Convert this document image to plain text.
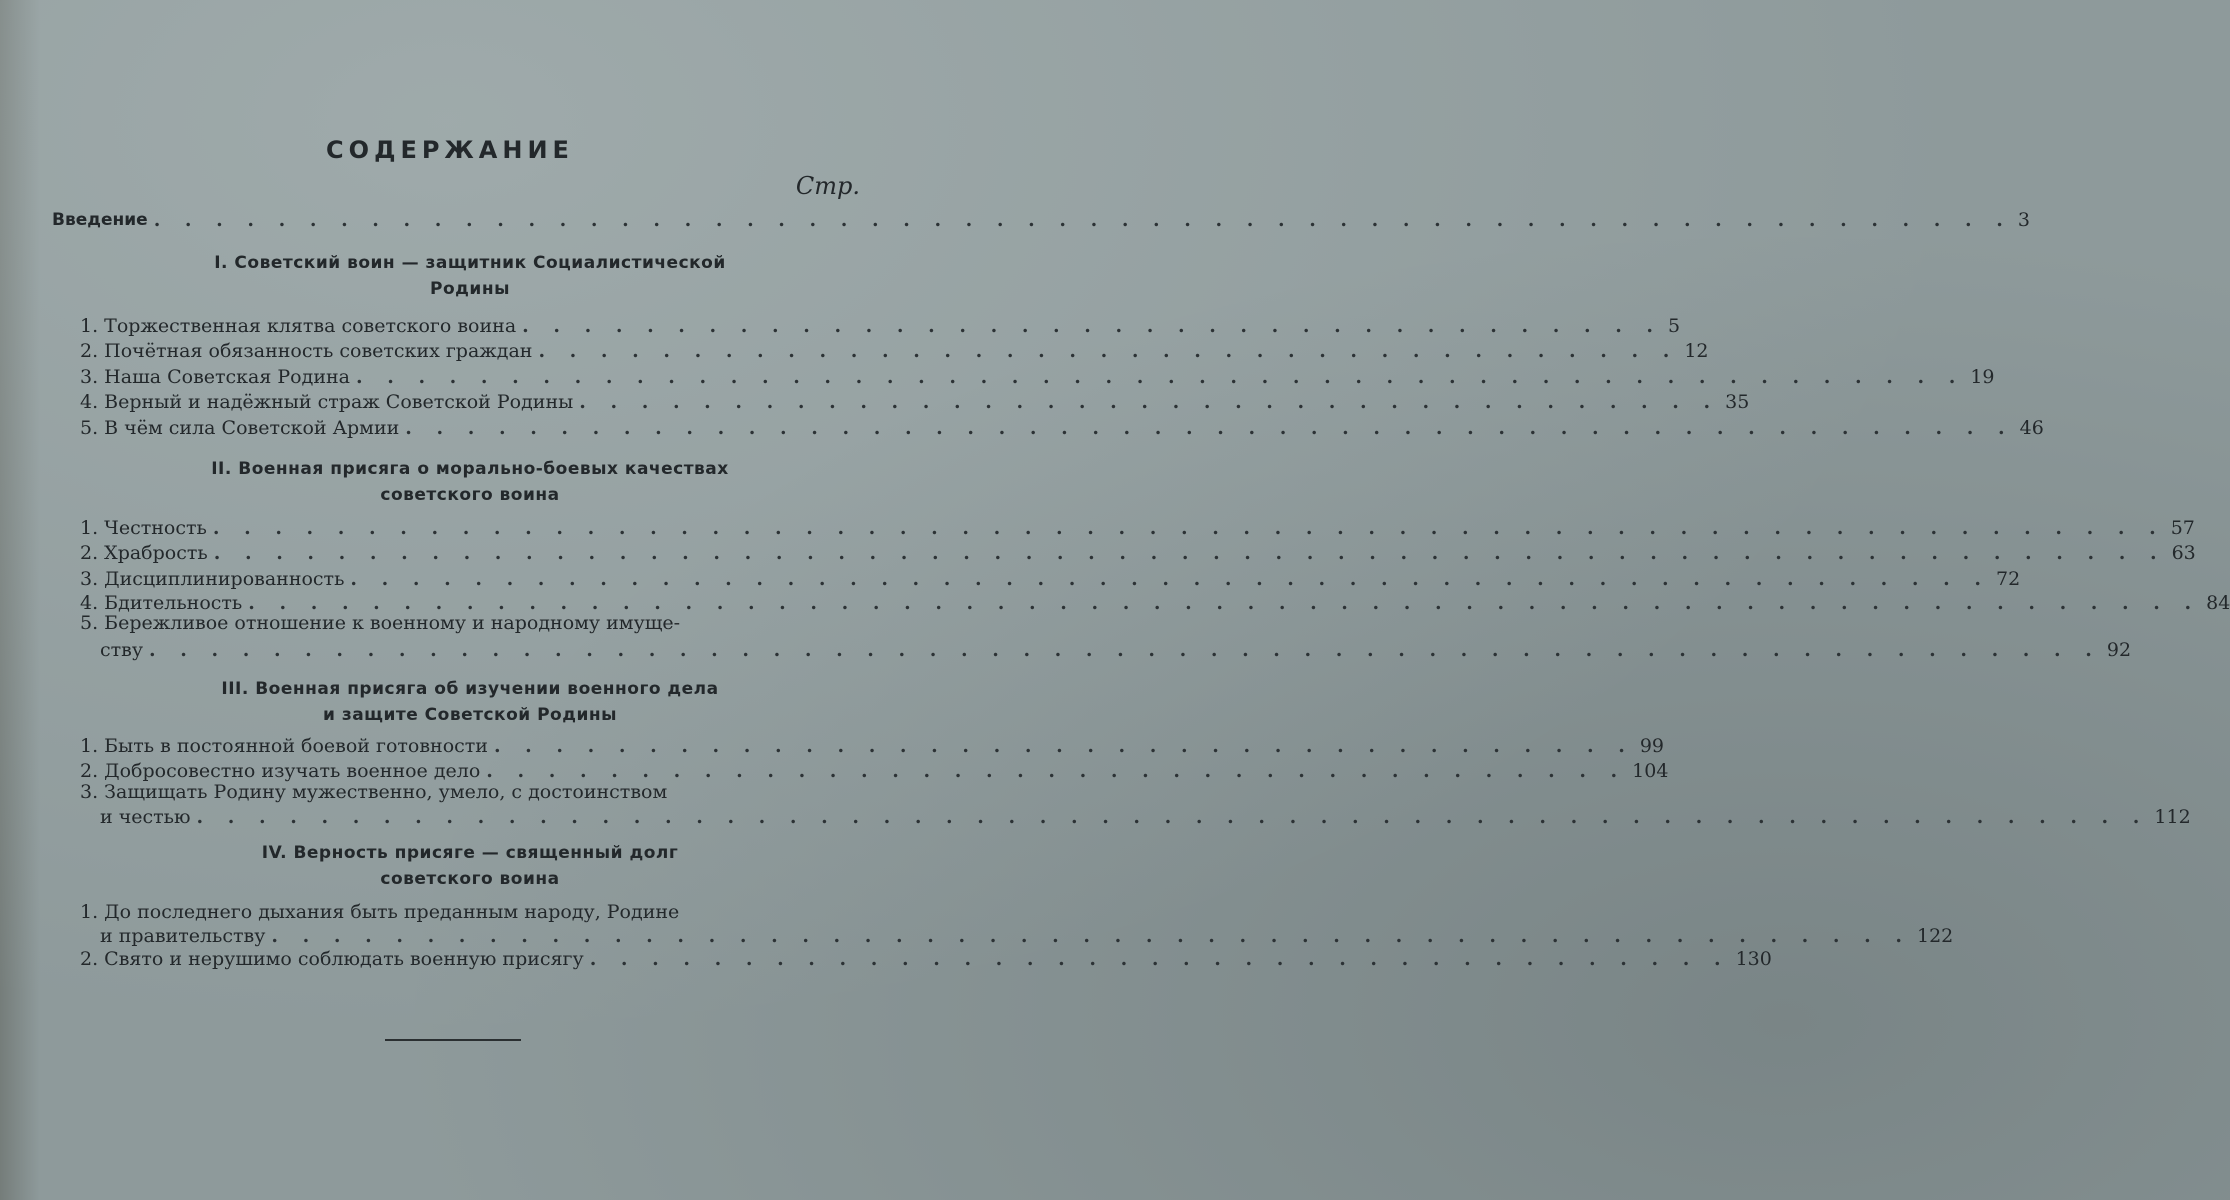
СОДЕРЖАНИЕ
Стр.
Введение . . . . . . . . . . . . . . . . . . . . . . . . . . . . . . . . . . . . . . . . . . . . . . . . . . . . . . . . . . . . 3
I. Советский воин — защитник Социалистической
Родины
1. Торжественная клятва советского воина . . . . . . . . . . . . . . . . . . . . . . . . . . . . . . . . . . . . . 5
2. Почётная обязанность советских граждан . . . . . . . . . . . . . . . . . . . . . . . . . . . . . . . . . . . . . 12
3. Наша Советская Родина . . . . . . . . . . . . . . . . . . . . . . . . . . . . . . . . . . . . . . . . . . . . . . . . . . . . 19
4. Верный и надёжный страж Советской Родины . . . . . . . . . . . . . . . . . . . . . . . . . . . . . . . . . . . . . 35
5. В чём сила Советской Армии . . . . . . . . . . . . . . . . . . . . . . . . . . . . . . . . . . . . . . . . . . . . . . . . . . . . 46
II. Военная присяга о морально-боевых качествах
советского воина
1. Честность . . . . . . . . . . . . . . . . . . . . . . . . . . . . . . . . . . . . . . . . . . . . . . . . . . . . . . . . . . . . . . . 57
2. Храбрость . . . . . . . . . . . . . . . . . . . . . . . . . . . . . . . . . . . . . . . . . . . . . . . . . . . . . . . . . . . . . . . 63
3. Дисциплинированность . . . . . . . . . . . . . . . . . . . . . . . . . . . . . . . . . . . . . . . . . . . . . . . . . . . . . 72
4. Бдительность . . . . . . . . . . . . . . . . . . . . . . . . . . . . . . . . . . . . . . . . . . . . . . . . . . . . . . . . . . . . . . . 84
5. Бережливое отношение к военному и народному имуще-
ству . . . . . . . . . . . . . . . . . . . . . . . . . . . . . . . . . . . . . . . . . . . . . . . . . . . . . . . . . . . . . . . 92
III. Военная присяга об изучении военного дела
и защите Советской Родины
1. Быть в постоянной боевой готовности . . . . . . . . . . . . . . . . . . . . . . . . . . . . . . . . . . . . . 99
2. Добросовестно изучать военное дело . . . . . . . . . . . . . . . . . . . . . . . . . . . . . . . . . . . . . 104
3. Защищать Родину мужественно, умело, с достоинством
и честью . . . . . . . . . . . . . . . . . . . . . . . . . . . . . . . . . . . . . . . . . . . . . . . . . . . . . . . . . . . . . . . 112
IV. Верность присяге — священный долг
советского воина
1. До последнего дыхания быть преданным народу, Родине
и правительству . . . . . . . . . . . . . . . . . . . . . . . . . . . . . . . . . . . . . . . . . . . . . . . . . . . . . 122
2. Свято и нерушимо соблюдать военную присягу . . . . . . . . . . . . . . . . . . . . . . . . . . . . . . . . . . . . . 130
